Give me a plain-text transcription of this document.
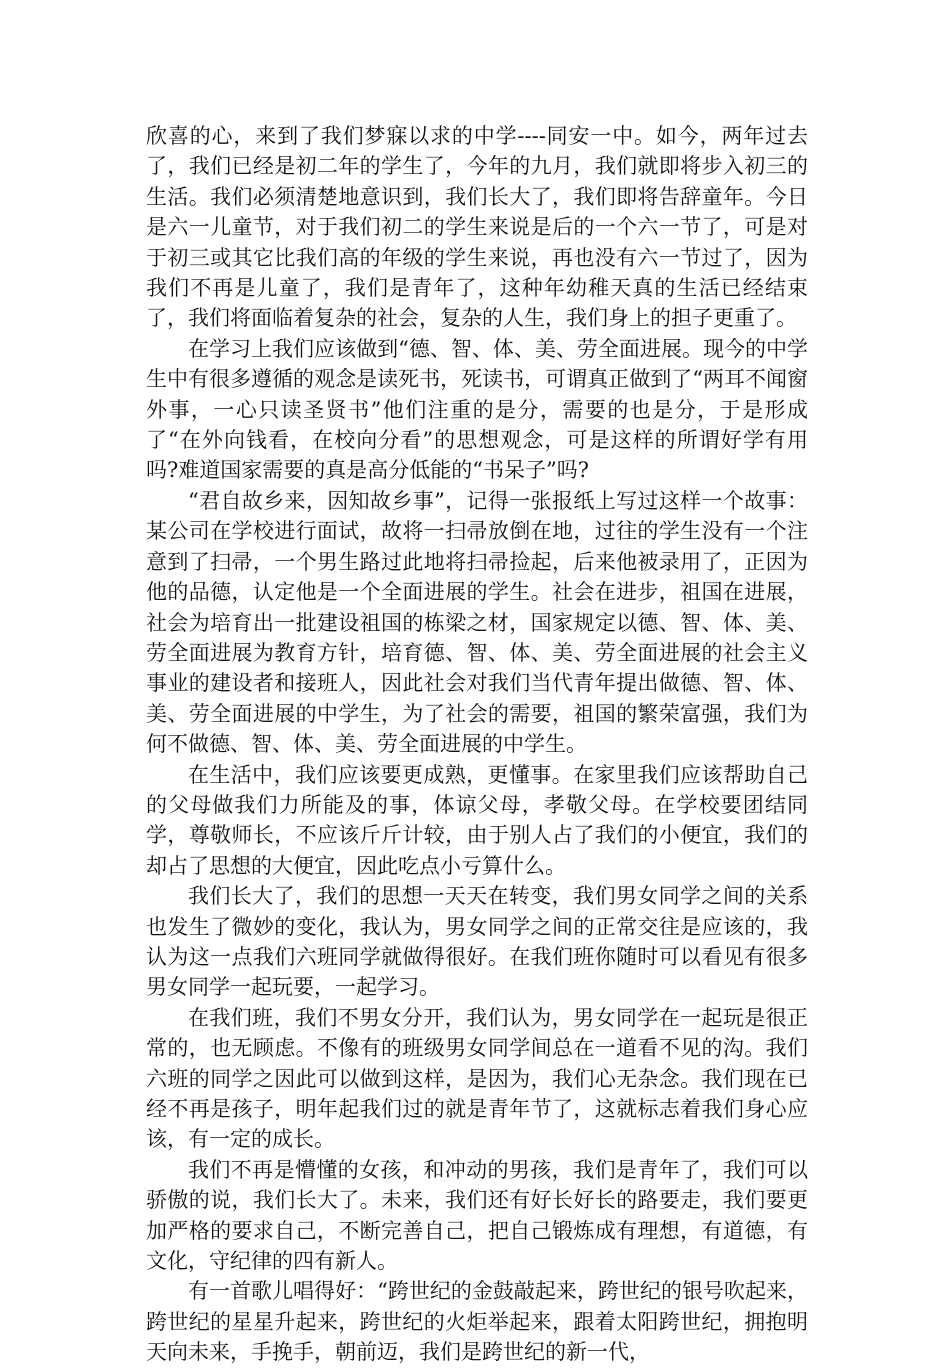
欣喜的心，来到了我们梦寐以求的中学----同安一中。如今，两年过去了，我们已经是初二年的学生了，今年的九月，我们就即将步入初三的生活。我们必须清楚地意识到，我们长大了，我们即将告辞童年。今日是六一儿童节，对于我们初二的学生来说是后的一个六一节了，可是对于初三或其它比我们高的年级的学生来说，再也没有六一节过了，因为我们不再是儿童了，我们是青年了，这种年幼稚天真的生活已经结束了，我们将面临着复杂的社会，复杂的人生，我们身上的担子更重了。

在学习上我们应该做到“德、智、体、美、劳全面进展。现今的中学生中有很多遵循的观念是读死书，死读书，可谓真正做到了“两耳不闻窗外事，一心只读圣贤书”他们注重的是分，需要的也是分，于是形成了“在外向钱看，在校向分看”的思想观念，可是这样的所谓好学有用吗?难道国家需要的真是高分低能的“书呆子”吗?

“君自故乡来，因知故乡事”，记得一张报纸上写过这样一个故事：某公司在学校进行面试，故将一扫帚放倒在地，过往的学生没有一个注意到了扫帚，一个男生路过此地将扫帚捡起，后来他被录用了，正因为他的品德，认定他是一个全面进展的学生。社会在进步，祖国在进展，社会为培育出一批建设祖国的栋梁之材，国家规定以德、智、体、美、劳全面进展为教育方针，培育德、智、体、美、劳全面进展的社会主义事业的建设者和接班人，因此社会对我们当代青年提出做德、智、体、美、劳全面进展的中学生，为了社会的需要，祖国的繁荣富强，我们为何不做德、智、体、美、劳全面进展的中学生。

在生活中，我们应该要更成熟，更懂事。在家里我们应该帮助自己的父母做我们力所能及的事，体谅父母，孝敬父母。在学校要团结同学，尊敬师长，不应该斤斤计较，由于别人占了我们的小便宜，我们的却占了思想的大便宜，因此吃点小亏算什么。

我们长大了，我们的思想一天天在转变，我们男女同学之间的关系也发生了微妙的变化，我认为，男女同学之间的正常交往是应该的，我认为这一点我们六班同学就做得很好。在我们班你随时可以看见有很多男女同学一起玩要，一起学习。

在我们班，我们不男女分开，我们认为，男女同学在一起玩是很正常的，也无顾虑。不像有的班级男女同学间总在一道看不见的沟。我们六班的同学之因此可以做到这样，是因为，我们心无杂念。我们现在已经不再是孩子，明年起我们过的就是青年节了，这就标志着我们身心应该，有一定的成长。

我们不再是懵懂的女孩，和冲动的男孩，我们是青年了，我们可以骄傲的说，我们长大了。未来，我们还有好长好长的路要走，我们要更加严格的要求自己，不断完善自己，把自己锻炼成有理想，有道德，有文化，守纪律的四有新人。

有一首歌儿唱得好：“跨世纪的金鼓敲起来，跨世纪的银号吹起来，跨世纪的星星升起来，跨世纪的火炬举起来，跟着太阳跨世纪，拥抱明天向未来，手挽手，朝前迈，我们是跨世纪的新一代，
